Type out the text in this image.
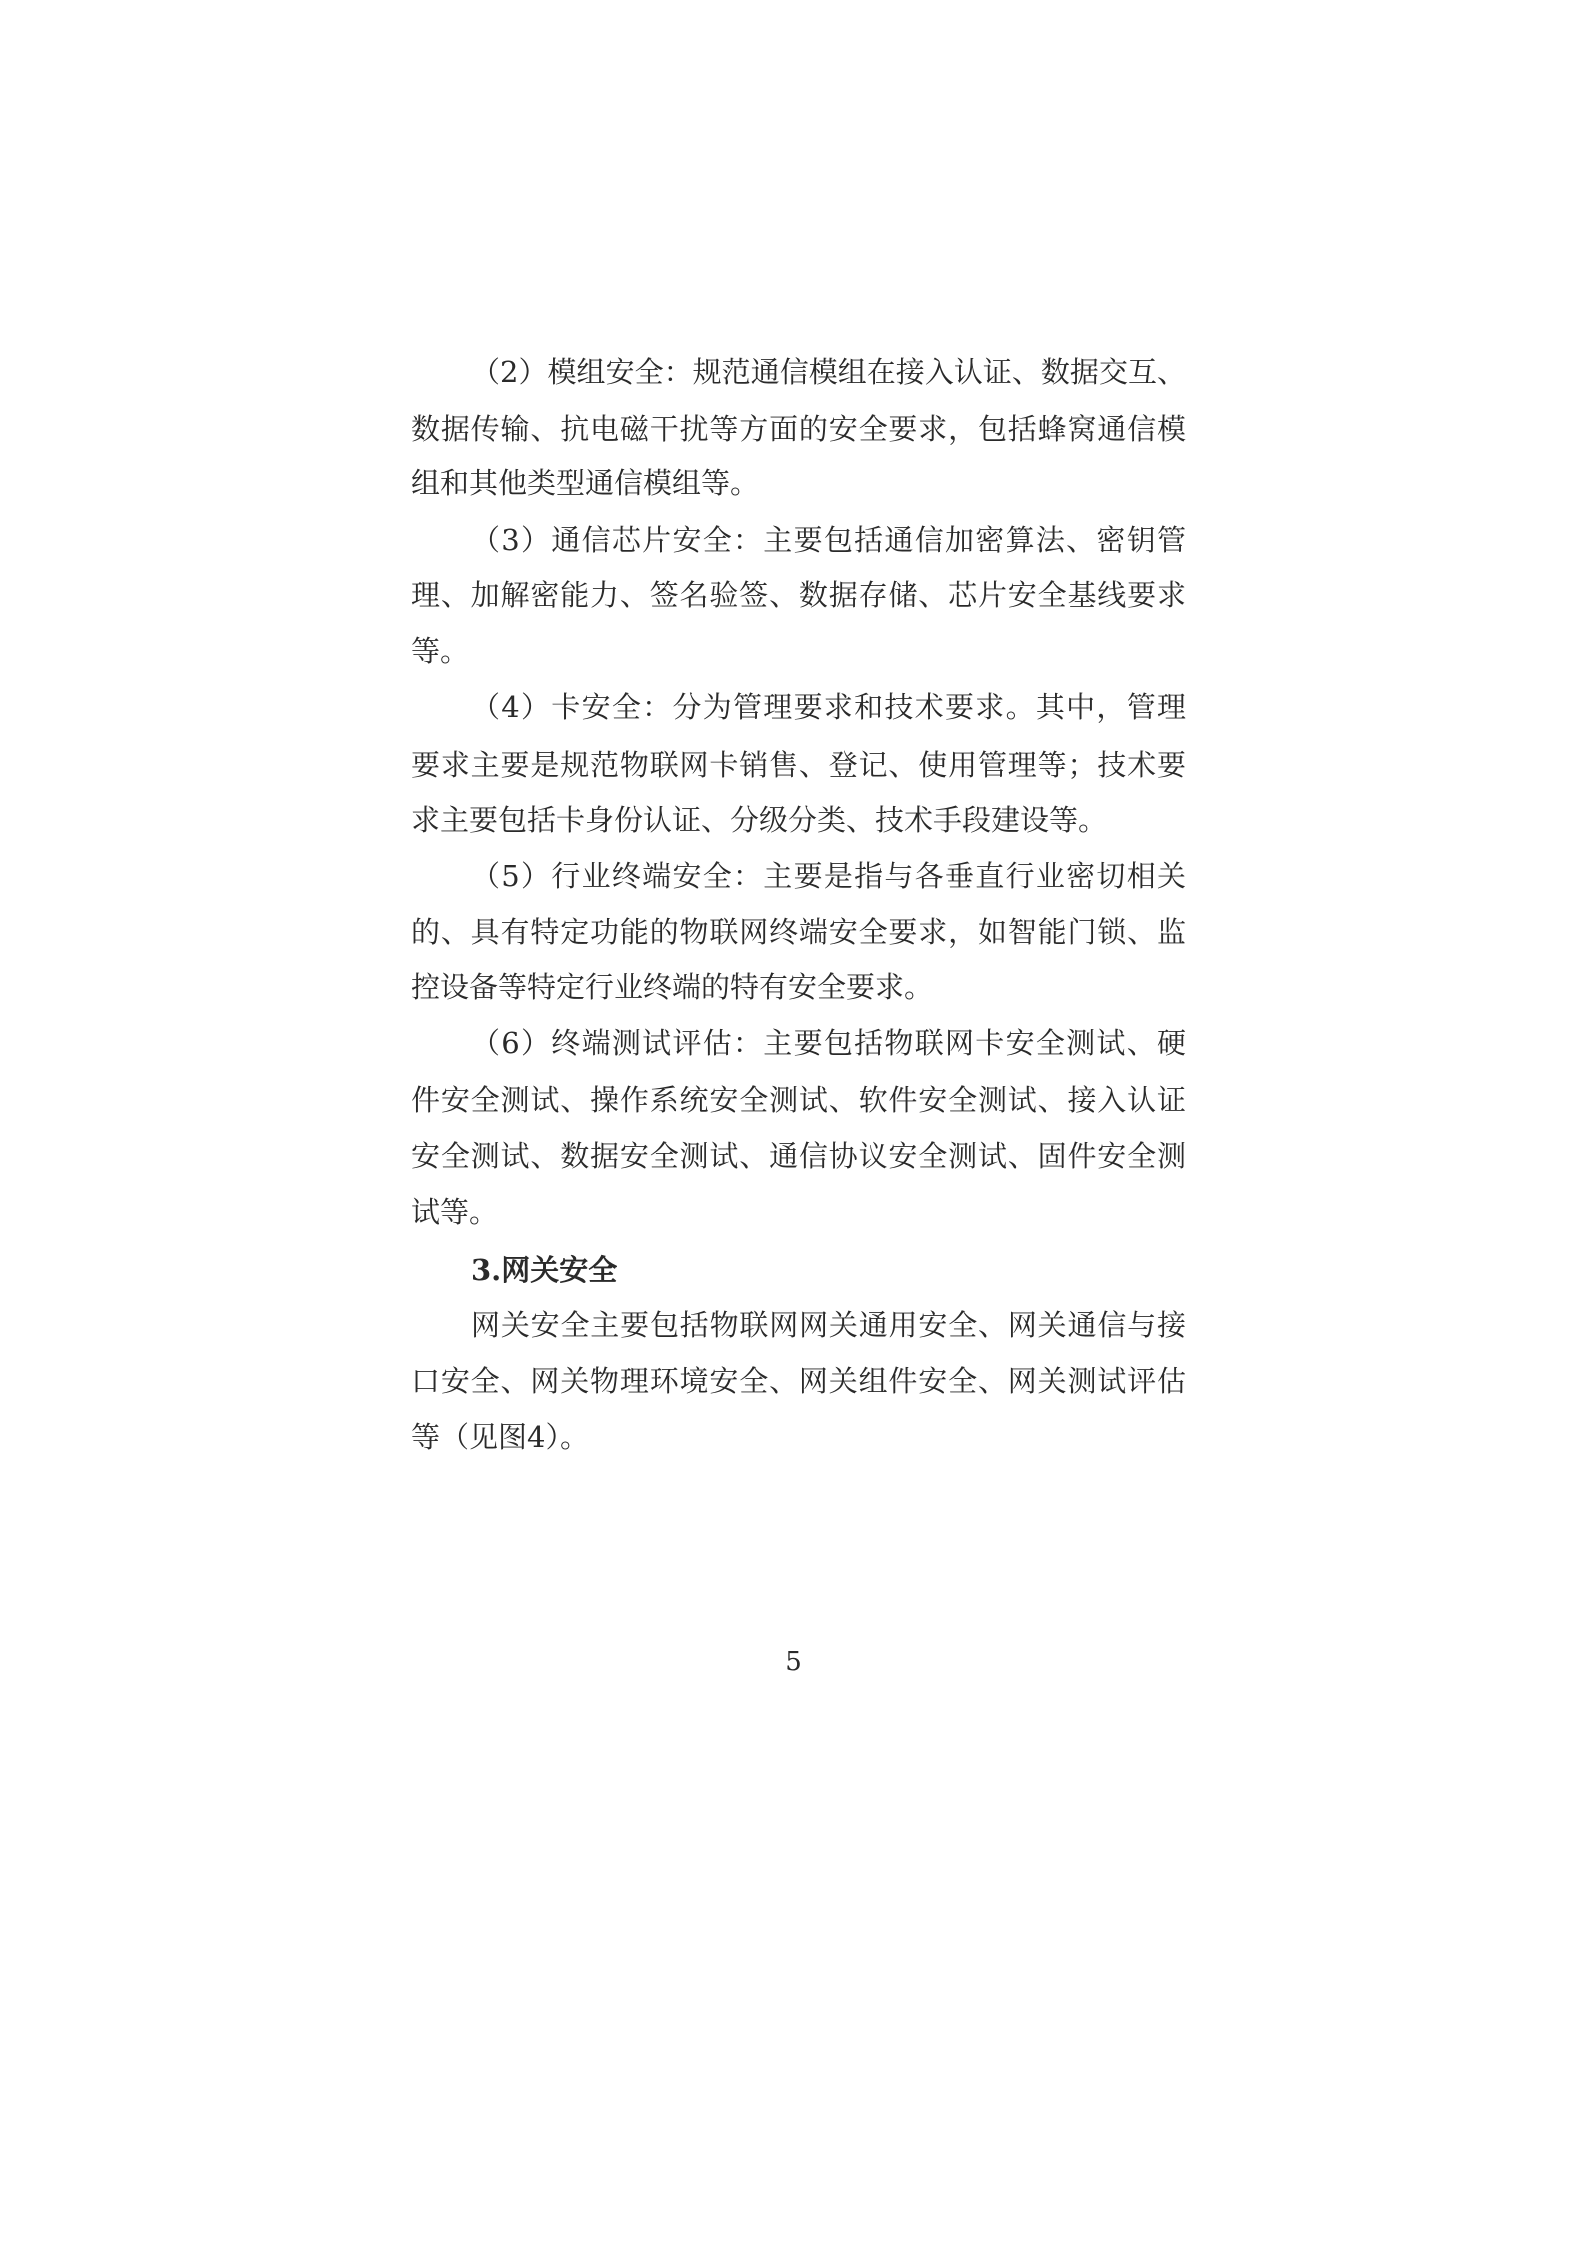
（2）模组安全：规范通信模组在接入认证、数据交互、
数据传输、抗电磁干扰等方面的安全要求，包括蜂窝通信模
组和其他类型通信模组等。
（3）通信芯片安全：主要包括通信加密算法、密钥管
理、加解密能力、签名验签、数据存储、芯片安全基线要求
等。
（4）卡安全：分为管理要求和技术要求。其中，管理
要求主要是规范物联网卡销售、登记、使用管理等；技术要
求主要包括卡身份认证、分级分类、技术手段建设等。
（5）行业终端安全：主要是指与各垂直行业密切相关
的、具有特定功能的物联网终端安全要求，如智能门锁、监
控设备等特定行业终端的特有安全要求。
（6）终端测试评估：主要包括物联网卡安全测试、硬
件安全测试、操作系统安全测试、软件安全测试、接入认证
安全测试、数据安全测试、通信协议安全测试、固件安全测
试等。
3.网关安全
网关安全主要包括物联网网关通用安全、网关通信与接
口安全、网关物理环境安全、网关组件安全、网关测试评估
等（见图4）。
5
